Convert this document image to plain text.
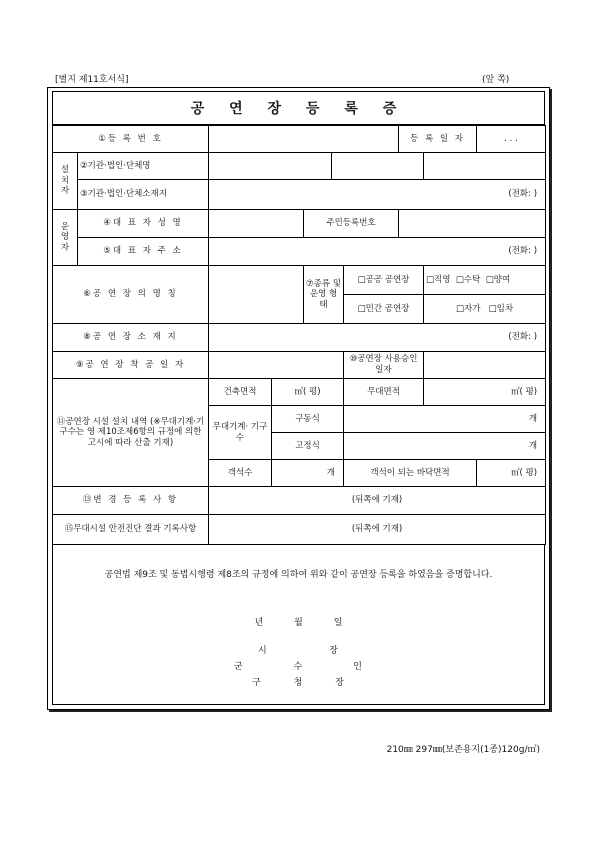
[별지 제11호서식]	(앞 쪽)
공 연 장 등 록 증
①등 록 번 호							등 록 일 자		. . .

설
치
자	②기관·법인·단체명								
	③기관·법인·단체소재지	(전화: )							

운
영
자	④대 표 자 성 명			주민등록번호					
	⑤대 표 자 주 소	(전화: )							
⑥공 연 장 의 명 칭				⑦종류 및 운영 형태		□공공 공연장		□직영 □수탁 □양여	
						□민간 공연장		□자가 □임차	
⑧공 연 장 소 재 지		(전화: )							
⑨공 연 장 착 공 일 자						⑩공연장 사용승인일자			
⑪공연장 시설 설치 내역 (※무대기계·기구수는 영 제10조제6항의 규정에 의한 고시에 따라 산출 기재)		건축면적	㎡( 평)			무대면적		㎡( 평)	
		무대기계· 기구수	구동식			개			
			고정식			개			
		객석수	개			객석이 되는 바닥면적			㎡( 평)
⑬변 경 등 록 사 항		(뒤쪽에 기재)							
⑮무대시설 안전진단 결과 기록사항		(뒤쪽에 기재)							
공연법 제9조 및 동법시행령 제8조의 규정에 의하여 위와 같이 공연장 등록을 하였음을 증명합니다.
년	월	일
시	장
군	수	인
구	청	장
210㎜ 297㎜(보존용지(1종)120g/㎡)
